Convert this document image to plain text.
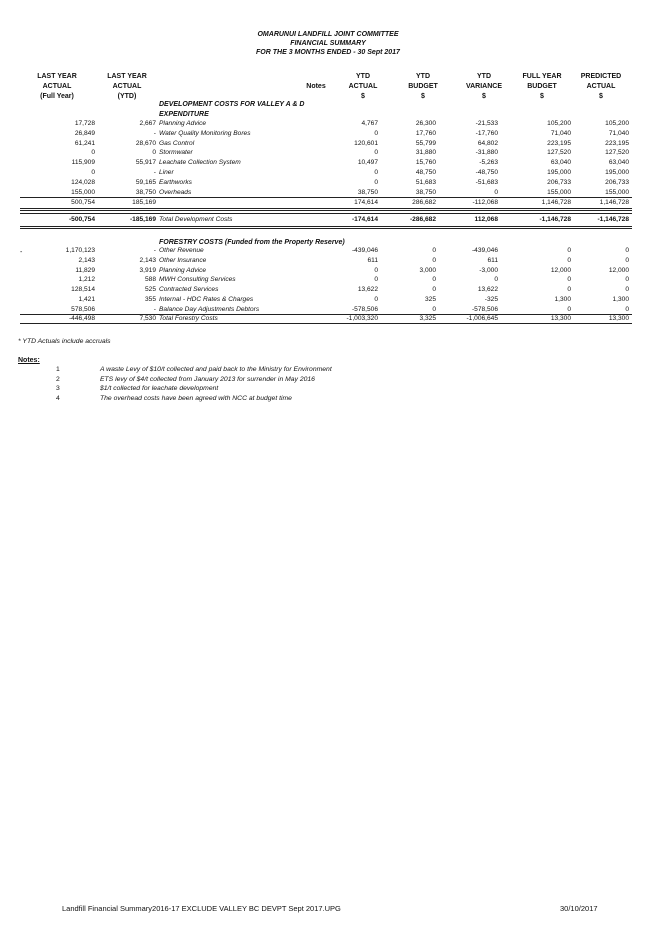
OMARUNUI LANDFILL JOINT COMMITTEE
FINANCIAL SUMMARY
FOR THE 3 MONTHS ENDED - 30 Sept 2017
LAST YEAR
ACTUAL
(Full Year)
LAST YEAR
ACTUAL
(YTD)
Notes
YTD
ACTUAL
$
YTD
BUDGET
$
YTD
VARIANCE
$
FULL YEAR
BUDGET
$
PREDICTED
ACTUAL
$
DEVELOPMENT COSTS FOR VALLEY A & D
EXPENDITURE
17,728	2,667 Planning Advice	4,767	26,300	-21,533	105,200	105,200
26,849	- Water Quality Monitoring Bores	0	17,760	-17,760	71,040	71,040
61,241	28,670 Gas Control	120,601	55,799	64,802	223,195	223,195
0	0 Stormwater	0	31,880	-31,880	127,520	127,520
115,909	55,917 Leachate Collection System	10,497	15,760	-5,263	63,040	63,040
0	- Liner	0	48,750	-48,750	195,000	195,000
124,028	59,165 Earthworks	0	51,683	-51,683	206,733	206,733
155,000	38,750 Overheads	38,750	38,750	0	155,000	155,000
500,754	185,169	174,614	286,682	-112,068	1,146,728	1,146,728
-500,754	-185,169 Total Development Costs	-174,614	-286,682	112,068	-1,146,728	-1,146,728
FORESTRY COSTS (Funded from the Property Reserve)
-	1,170,123	- Other Revenue	-439,046	0	-439,046	0	0
2,143	2,143 Other Insurance	611	0	611	0	0
11,829	3,919 Planning Advice	0	3,000	-3,000	12,000	12,000
1,212	588 MWH Consulting Services	0	0	0	0	0
128,514	525 Contracted Services	13,622	0	13,622	0	0
1,421	355 Internal - HDC Rates & Charges	0	325	-325	1,300	1,300
578,506	- Balance Day Adjustments Debtors	-578,506	0	-578,506	0	0
-446,498	7,530 Total Forestry Costs	-1,003,320	3,325	-1,006,645	13,300	13,300
* YTD Actuals include accruals
Notes:
1	A waste Levy of $10/t collected and paid back to the Ministry for Environment
2	ETS levy of $4/t collected from January 2013 for surrender in May 2016
3	$1/t collected for leachate development
4	The overhead costs have been agreed with NCC at budget time
Landfill Financial Summary2016-17 EXCLUDE VALLEY BC DEVPT Sept 2017.UPG	30/10/2017
